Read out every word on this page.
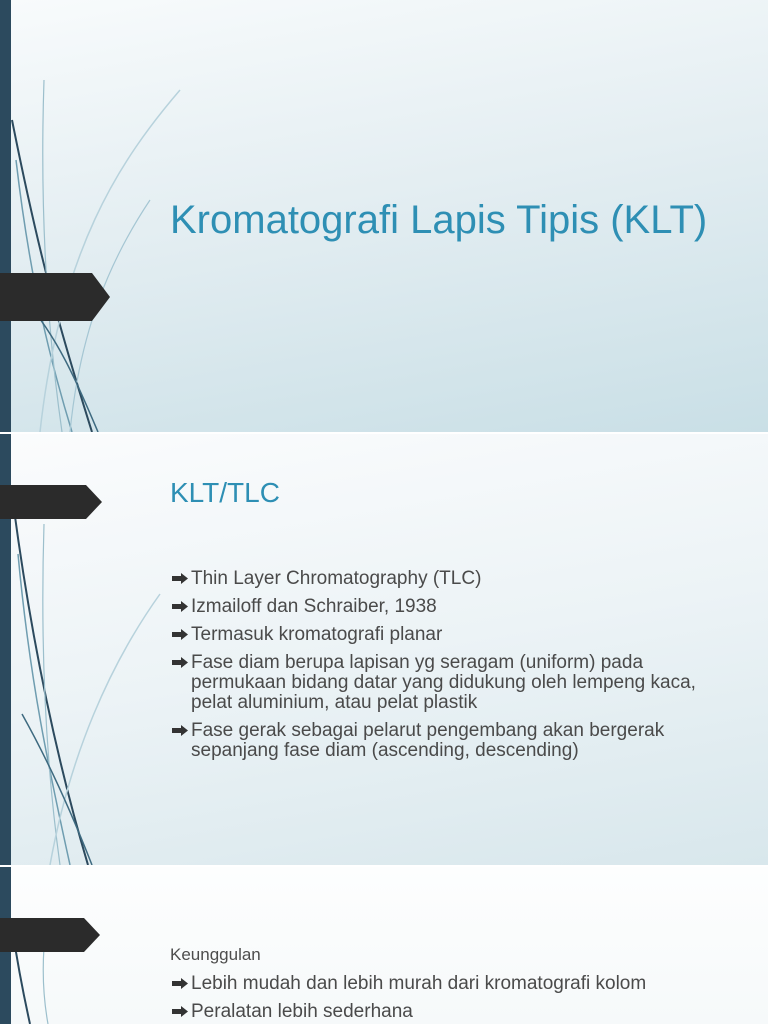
Kromatografi Lapis Tipis (KLT)
KLT/TLC
Thin Layer Chromatography (TLC)
Izmailoff dan Schraiber, 1938
Termasuk kromatografi planar
Fase diam berupa lapisan yg seragam (uniform) pada permukaan bidang datar yang didukung oleh lempeng kaca, pelat aluminium, atau pelat plastik
Fase gerak sebagai pelarut pengembang akan bergerak sepanjang fase diam (ascending, descending)
Keunggulan
Lebih mudah dan lebih murah dari kromatografi kolom
Peralatan lebih sederhana
